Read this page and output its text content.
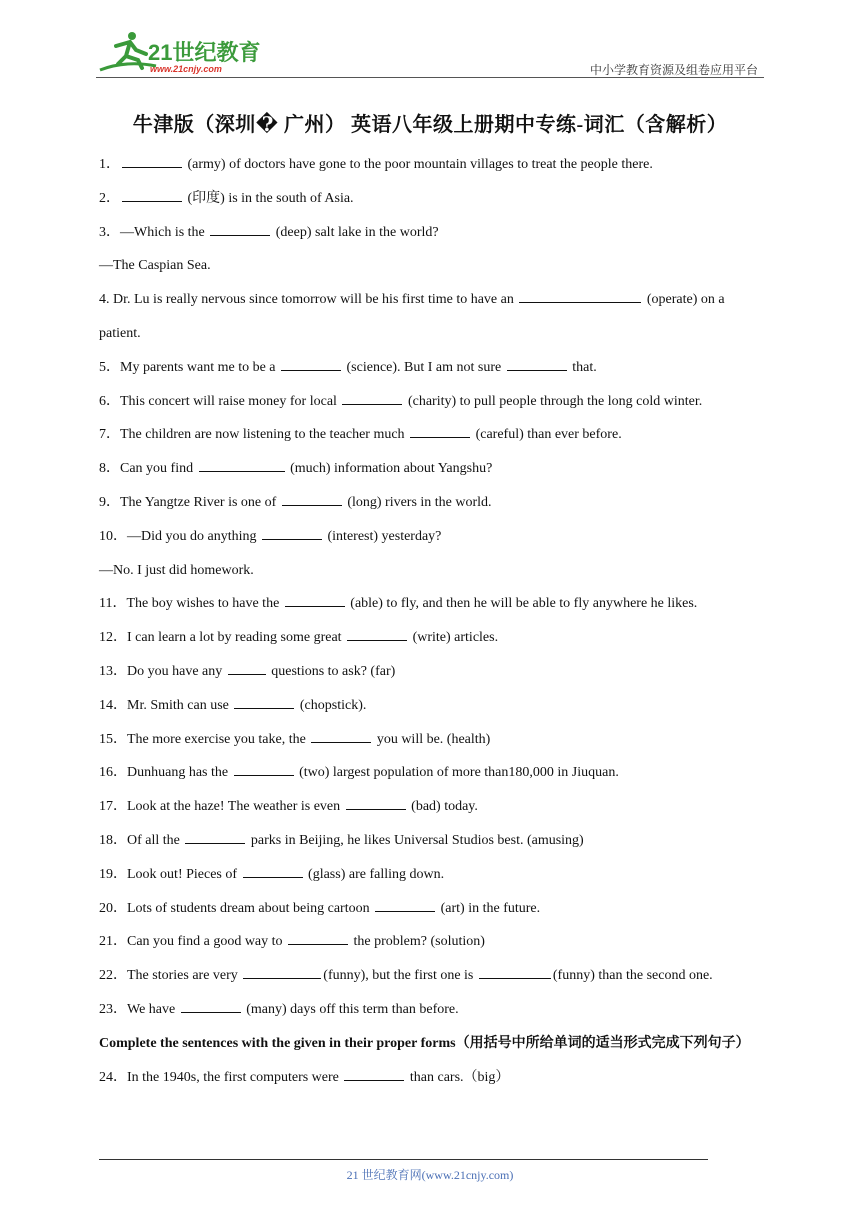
21世纪教育
www.21cnjy.com	中小学教育资源及组卷应用平台
牛津版（深圳� 广州） 英语八年级上册期中专练-词汇（含解析）
1．	(army) of doctors have gone to the poor mountain villages to treat the people there.
2．	(印度) is in the south of Asia.
3．—Which is the	(deep) salt lake in the world?
—The Caspian Sea.
4. Dr. Lu is really nervous since tomorrow will be his first time to have an	(operate) on a patient.
5．My parents want me to be a	(science). But I am not sure	that.
6．This concert will raise money for local	(charity) to pull people through the long cold winter.
7．The children are now listening to the teacher much	(careful) than ever before.
8．Can you find	(much) information about Yangshu?
9．The Yangtze River is one of	(long) rivers in the world.
10．—Did you do anything	(interest) yesterday?
—No. I just did homework.
11．The boy wishes to have the	(able) to fly, and then he will be able to fly anywhere he likes.
12．I can learn a lot by reading some great	(write) articles.
13．Do you have any	questions to ask? (far)
14．Mr. Smith can use	(chopstick).
15．The more exercise you take, the	you will be. (health)
16．Dunhuang has the	(two) largest population of more than180,000 in Jiuquan.
17．Look at the haze! The weather is even	(bad) today.
18．Of all the	parks in Beijing, he likes Universal Studios best. (amusing)
19．Look out! Pieces of	(glass) are falling down.
20．Lots of students dream about being cartoon	(art) in the future.
21．Can you find a good way to	the problem? (solution)
22．The stories are very	(funny), but the first one is	(funny) than the second one.
23．We have	(many) days off this term than before.
Complete the sentences with the given in their proper forms（用括号中所给单词的适当形式完成下列句子）
24．In the 1940s, the first computers were	than cars.（big）
21 世纪教育网(www.21cnjy.com)
